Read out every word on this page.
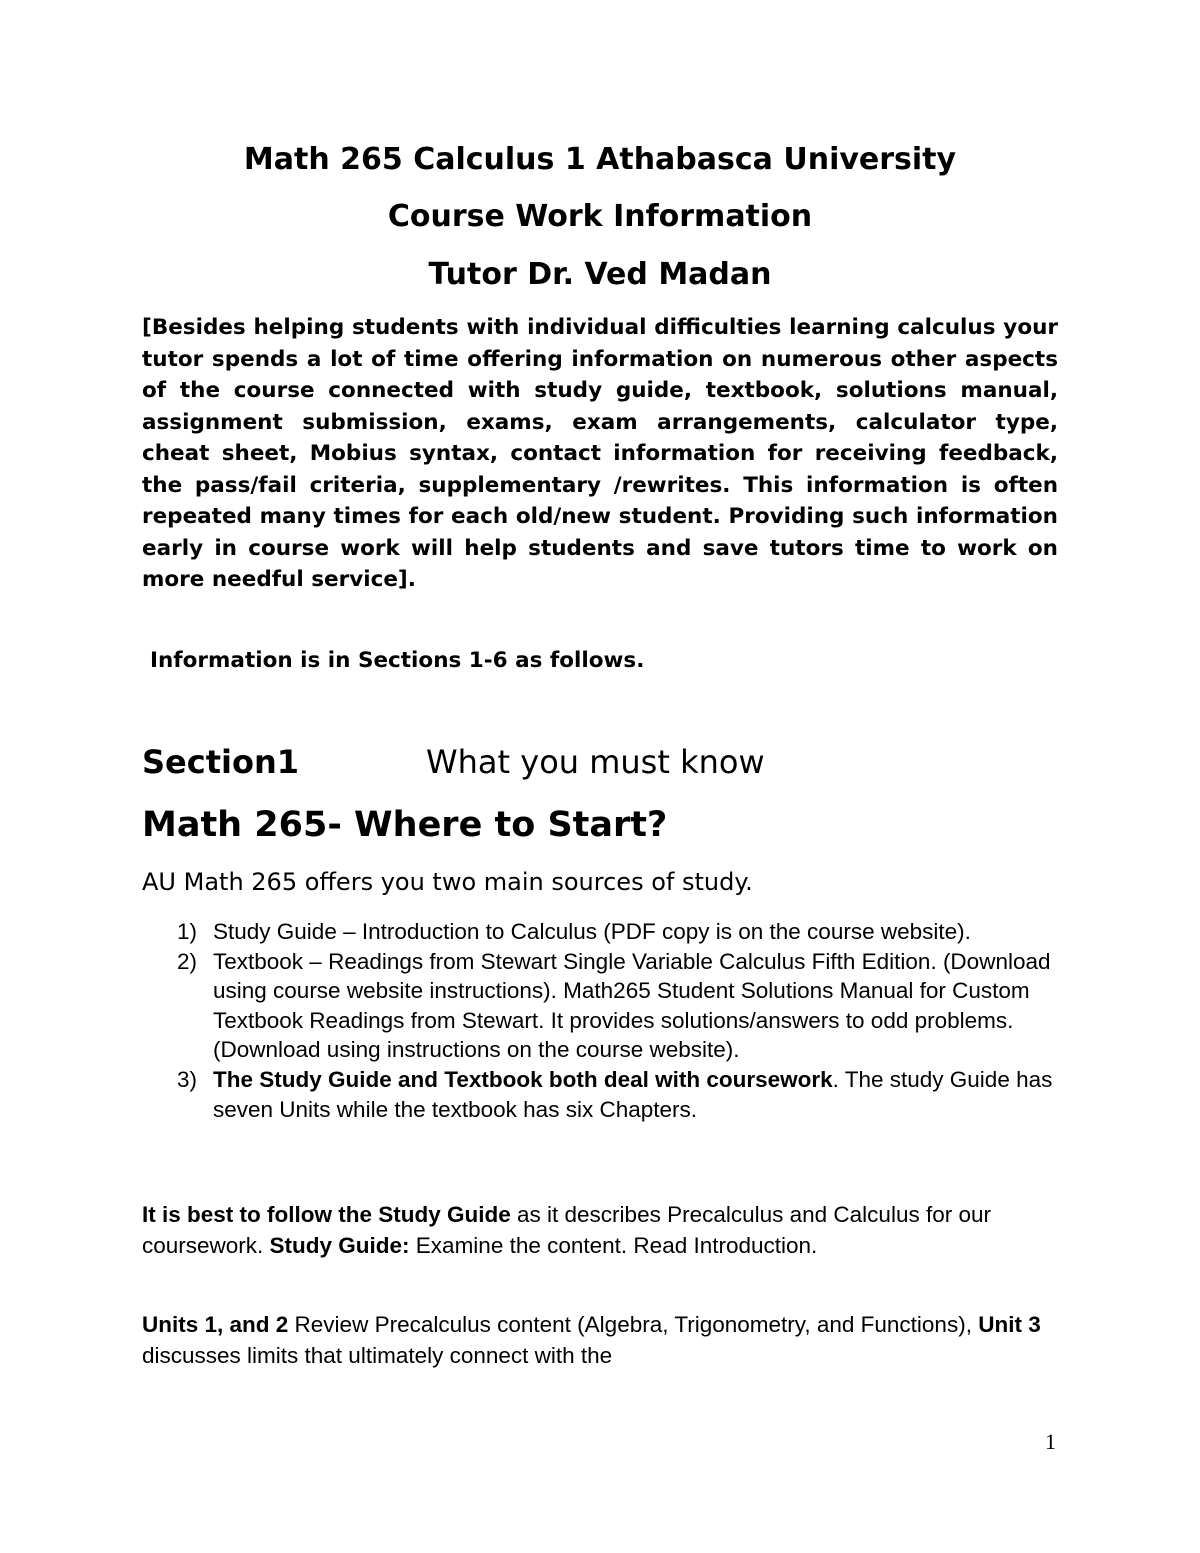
Math 265 Calculus 1 Athabasca University
Course Work Information
Tutor Dr. Ved Madan

[Besides helping students with individual difficulties learning calculus your tutor spends a lot of time offering information on numerous other aspects of the course connected with study guide, textbook, solutions manual, assignment submission, exams, exam arrangements, calculator type, cheat sheet, Mobius syntax, contact information for receiving feedback, the pass/fail criteria, supplementary /rewrites. This information is often repeated many times for each old/new student. Providing such information early in course work will help students and save tutors time to work on more needful service].

Information is in Sections 1-6 as follows.
Section1	What you must know
Math 265- Where to Start?
AU Math 265 offers you two main sources of study.
1) Study Guide – Introduction to Calculus (PDF copy is on the course website).
2) Textbook – Readings from Stewart Single Variable Calculus Fifth Edition. (Download using course website instructions). Math265 Student Solutions Manual for Custom Textbook Readings from Stewart. It provides solutions/answers to odd problems. (Download using instructions on the course website).
3) The Study Guide and Textbook both deal with coursework. The study Guide has seven Units while the textbook has six Chapters.
It is best to follow the Study Guide as it describes Precalculus and Calculus for our coursework. Study Guide: Examine the content. Read Introduction.
Units 1, and 2 Review Precalculus content (Algebra, Trigonometry, and Functions), Unit 3 discusses limits that ultimately connect with the
1
